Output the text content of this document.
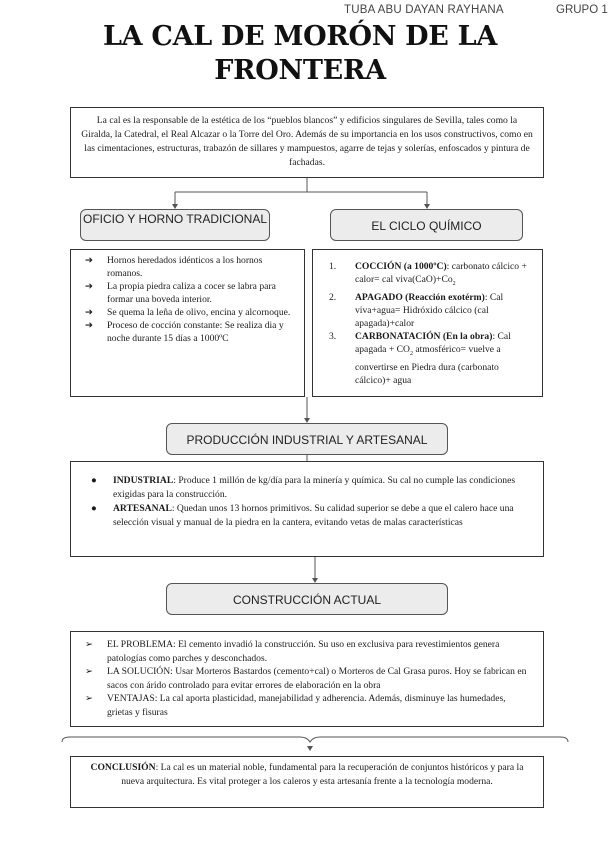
TUBA ABU DAYAN RAYHANA	GRUPO 1
LA CAL DE MORÓN DE LA FRONTERA
La cal es la responsable de la estética de los “pueblos blancos” y edificios singulares de Sevilla, tales como la Giralda, la Catedral, el Real Alcazar o la Torre del Oro. Además de su importancia en los usos constructivos, como en las cimentaciones, estructuras, trabazón de sillares y mampuestos, agarre de tejas y solerías, enfoscados y pintura de fachadas.
OFICIO Y HORNO TRADICIONAL	EL CICLO QUÍMICO
➔ Hornos heredados idénticos a los hornos romanos.
➔ La propia piedra caliza a cocer se labra para formar una boveda interior.
➔ Se quema la leña de olivo, encina y alcornoque.
➔ Proceso de cocción constante: Se realiza dia y noche durante 15 días a 1000ºC
1. COCCIÓN (a 1000ºC): carbonato cálcico + calor= cal $viva(CaO)+Co_2$
2. APAGADO (Reacción exotérm): Cal viva+agua= Hidróxido cálcico (cal apagada)+calor
3. CARBONATACIÓN (En la obra): Cal apagada + $CO_2$ atmosférico= vuelve a convertirse en Piedra dura (carbonato cálcico)+ agua
PRODUCCIÓN INDUSTRIAL Y ARTESANAL
● INDUSTRIAL: Produce 1 millón de kg/día para la minería y química. Su cal no cumple las condiciones exigidas para la construcción.
● ARTESANAL: Quedan unos 13 hornos primitivos. Su calidad superior se debe a que el calero hace una selección visual y manual de la piedra en la cantera, evitando vetas de malas características
CONSTRUCCIÓN ACTUAL
➢ EL PROBLEMA: El cemento invadió la construcción. Su uso en exclusiva para revestimientos genera patologías como parches y desconchados.
➢ LA SOLUCIÓN: Usar Morteros Bastardos (cemento+cal) o Morteros de Cal Grasa puros. Hoy se fabrican en sacos con árido controlado para evitar errores de elaboración en la obra
➢ VENTAJAS: La cal aporta plasticidad, manejabilidad y adherencia. Además, disminuye las humedades, grietas y fisuras
CONCLUSIÓN: La cal es un material noble, fundamental para la recuperación de conjuntos históricos y para la nueva arquitectura. Es vital proteger a los caleros y esta artesanía frente a la tecnología moderna.
